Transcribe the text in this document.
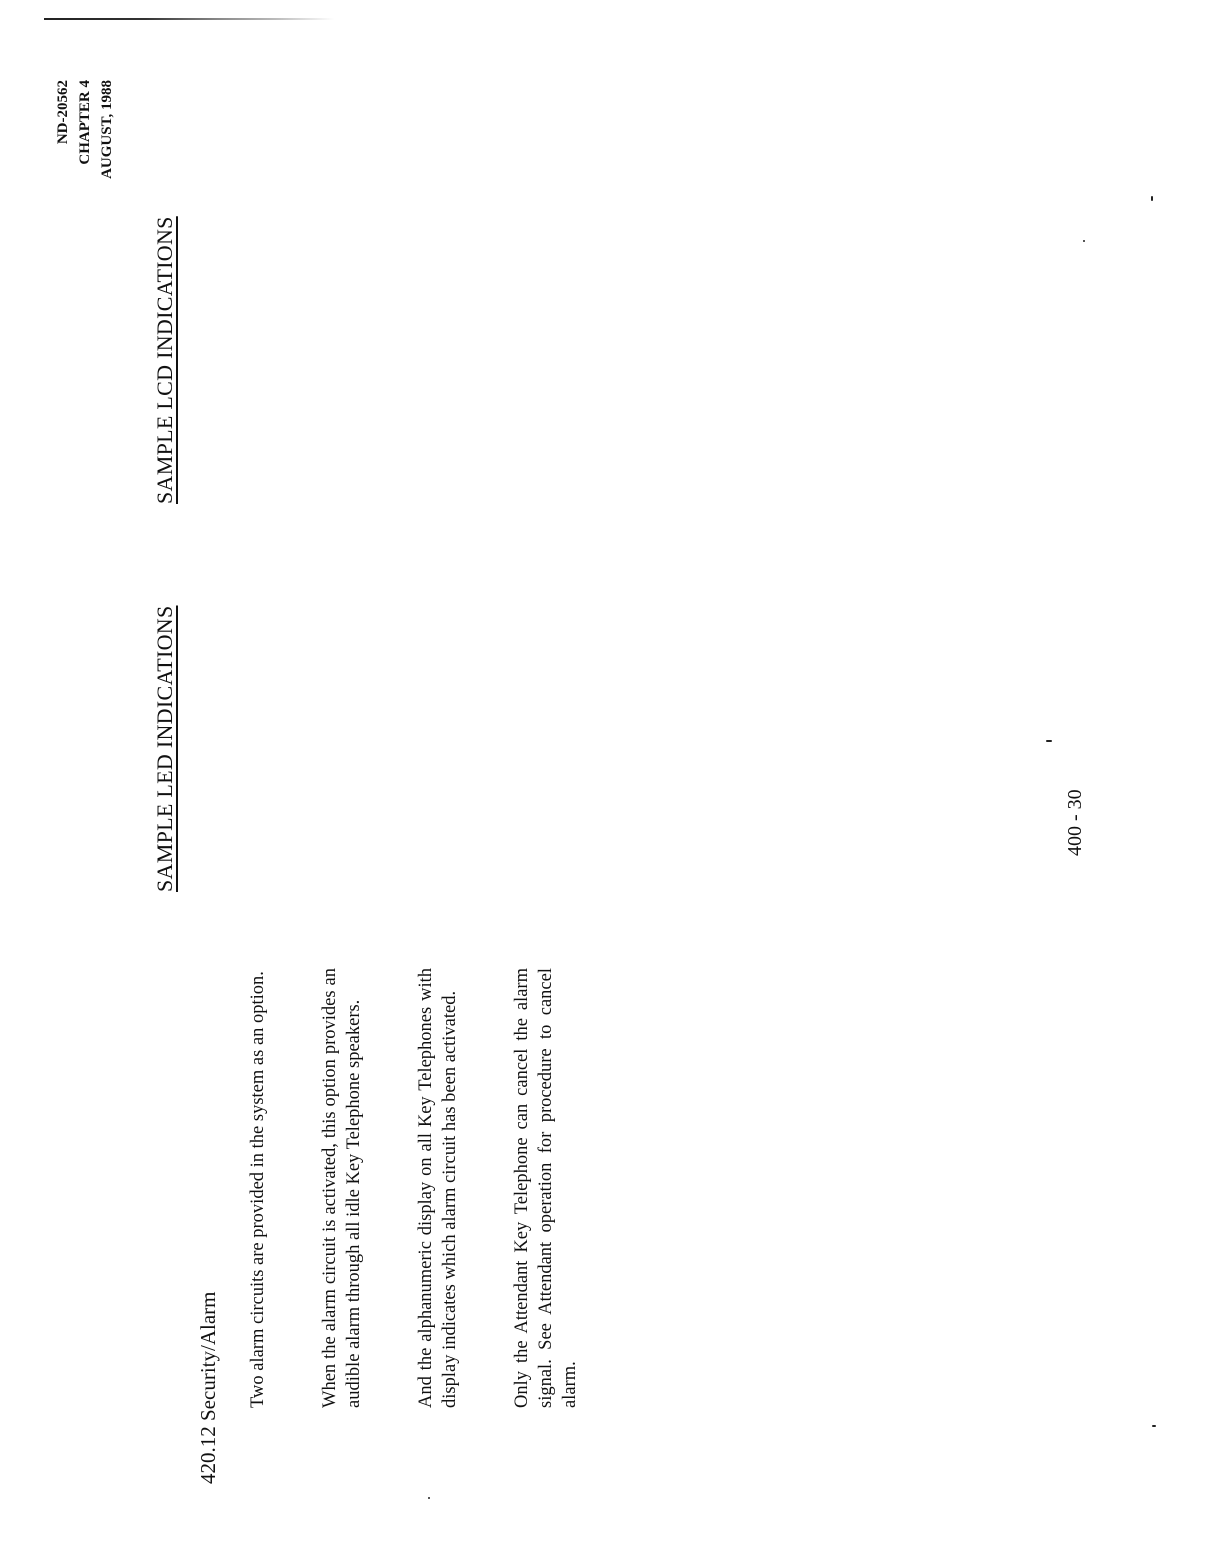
ND-20562 CHAPTER 4 AUGUST, 1988
SAMPLE LED INDICATIONS
SAMPLE LCD INDICATIONS
420.12 Security/Alarm Two alarm circuits are provided in the system as an option.	When the alarm circuit is activated, this option provides an audible alarm through all idle Key Telephone speakers.	And the alphanumeric display on all Key Telephones with display indicates which alarm circuit has been activated.	Only the Attendant Key Telephone can cancel the alarm signal. See Attendant operation for procedure to cancel alarm.
400 - 30
